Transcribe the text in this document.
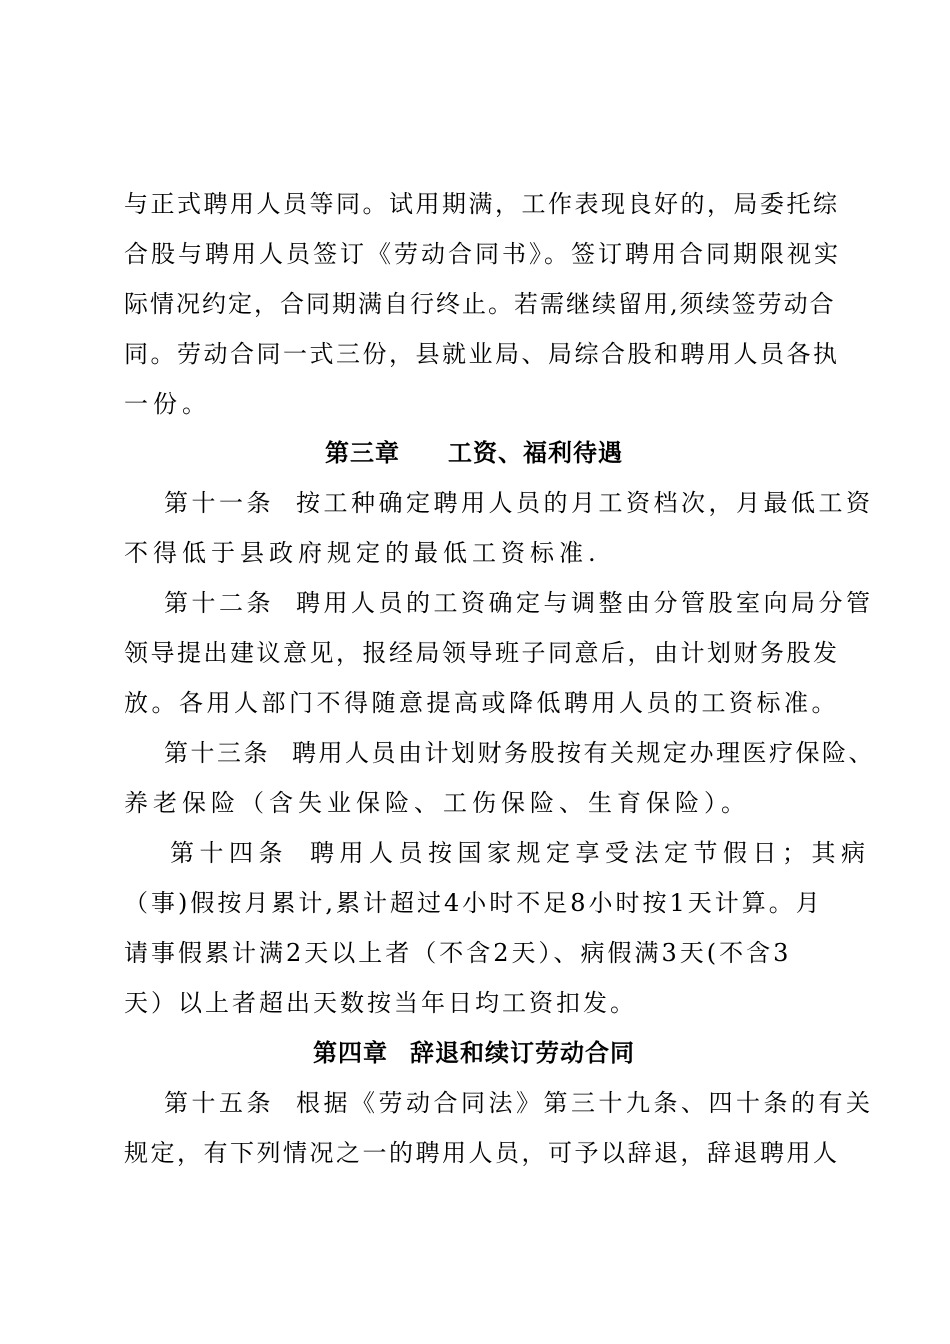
与正式聘用人员等同。试用期满，工作表现良好的，局委托综
合股与聘用人员签订《劳动合同书》。签订聘用合同期限视实
际情况约定，合同期满自行终止。若需继续留用,须续签劳动合
同。劳动合同一式三份，县就业局、局综合股和聘用人员各执
一份。
第三章 工资、福利待遇
第十一条 按工种确定聘用人员的月工资档次，月最低工资
不得低于县政府规定的最低工资标准.
第十二条 聘用人员的工资确定与调整由分管股室向局分管
领导提出建议意见，报经局领导班子同意后，由计划财务股发
放。各用人部门不得随意提高或降低聘用人员的工资标准。
第十三条 聘用人员由计划财务股按有关规定办理医疗保险、
养老保险（含失业保险、工伤保险、生育保险）。
第十四条 聘用人员按国家规定享受法定节假日；其病
（事)假按月累计,累计超过4小时不足8小时按1天计算。月
请事假累计满2天以上者（不含2天）、病假满3天(不含3
天）以上者超出天数按当年日均工资扣发。
第四章 辞退和续订劳动合同
第十五条 根据《劳动合同法》第三十九条、四十条的有关
规定，有下列情况之一的聘用人员，可予以辞退，辞退聘用人
